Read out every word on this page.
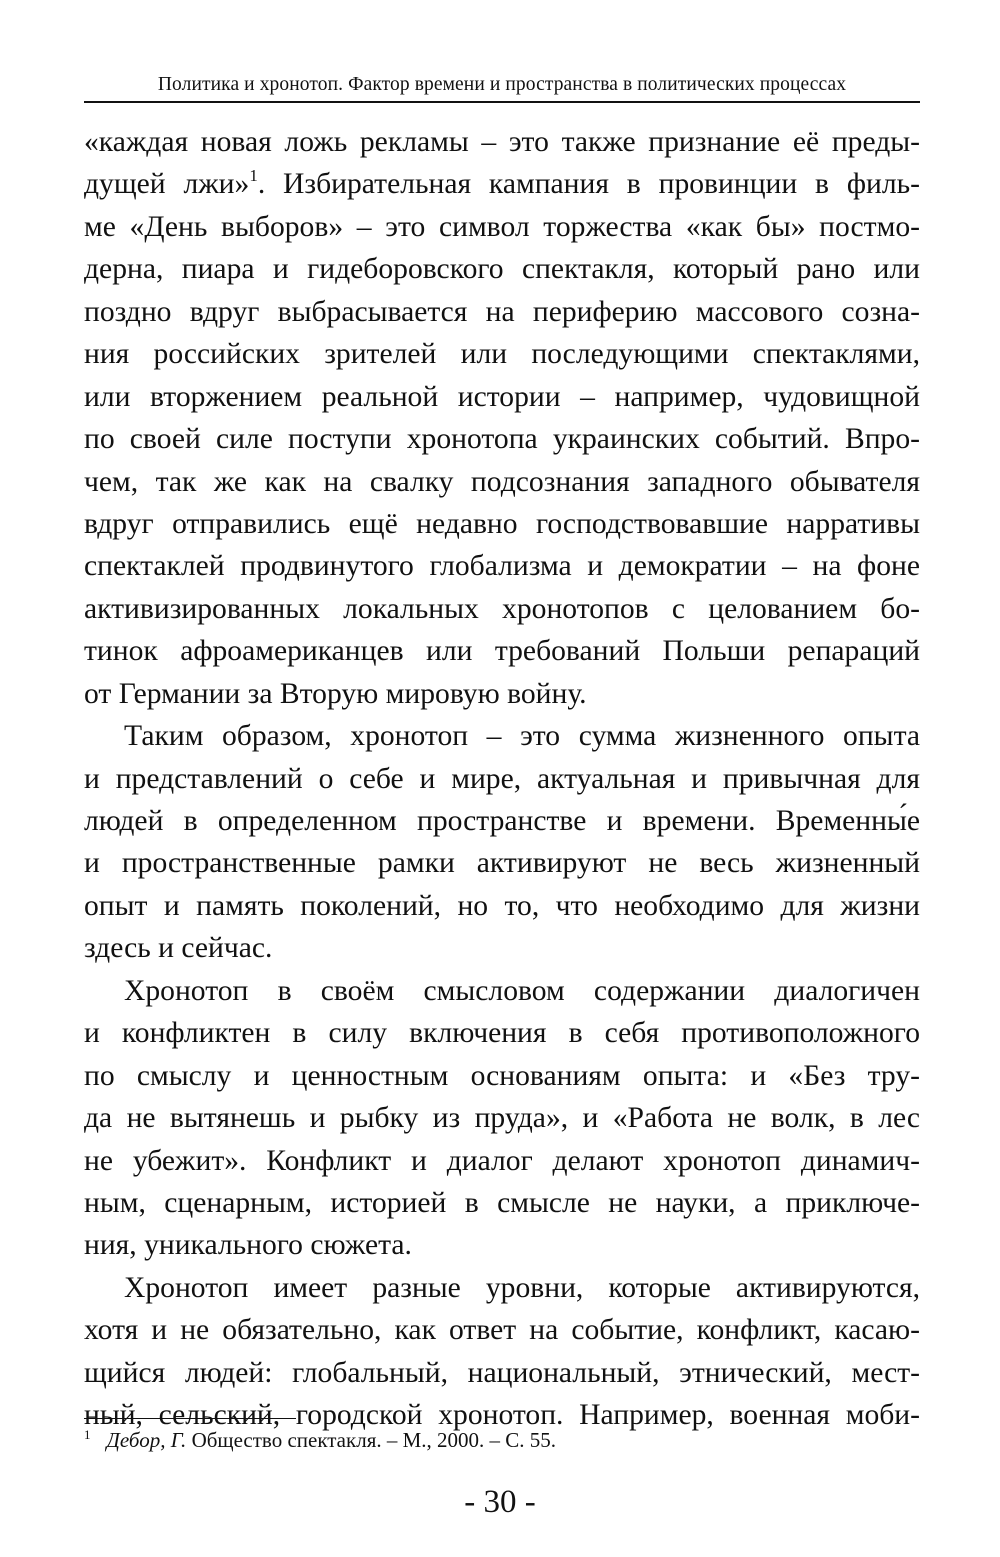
Политика и хронотоп. Фактор времени и пространства в политических процессах
«каждая новая ложь рекламы – это также признание её преды-
дущей лжи»$^1$. Избирательная кампания в провинции в филь-
ме «День выборов» – это символ торжества «как бы» постмо-
дерна, пиара и гидеборовского спектакля, который рано или
поздно вдруг выбрасывается на периферию массового созна-
ния российских зрителей или последующими спектаклями,
или вторжением реальной истории – например, чудовищной
по своей силе поступи хронотопа украинских событий. Впро-
чем, так же как на свалку подсознания западного обывателя
вдруг отправились ещё недавно господствовавшие нарративы
спектаклей продвинутого глобализма и демократии – на фоне
активизированных локальных хронотопов с целованием бо-
тинок афроамериканцев или требований Польши репараций
от Германии за Вторую мировую войну.
Таким образом, хронотоп – это сумма жизненного опыта
и представлений о себе и мире, актуальная и привычная для
людей в определенном пространстве и времени. Временны́е
и пространственные рамки активируют не весь жизненный
опыт и память поколений, но то, что необходимо для жизни
здесь и сейчас.
Хронотоп в своём смысловом содержании диалогичен
и конфликтен в силу включения в себя противоположного
по смыслу и ценностным основаниям опыта: и «Без тру-
да не вытянешь и рыбку из пруда», и «Работа не волк, в лес
не убежит». Конфликт и диалог делают хронотоп динамич-
ным, сценарным, историей в смысле не науки, а приключе-
ния, уникального сюжета.
Хронотоп имеет разные уровни, которые активируются,
хотя и не обязательно, как ответ на событие, конфликт, касаю-
щийся людей: глобальный, национальный, этнический, мест-
ный, сельский, городской хронотоп. Например, военная моби-
$^1$ Дебор, Г. Общество спектакля. – М., 2000. – С. 55.
- 30 -
